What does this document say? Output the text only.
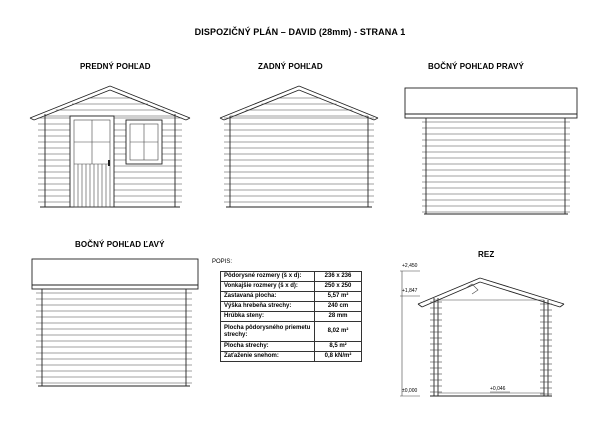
DISPOZIČNÝ PLÁN – DAVID (28mm) - STRANA 1
PREDNÝ POHĽAD	ZADNÝ POHĽAD	BOČNÝ POHĽAD PRAVÝ
BOČNÝ POHĽAD ĽAVÝ
REZ
POPIS:
Pôdorysné rozmery (š x d):	236 x 236
Vonkajšie rozmery (š x d):	250 x 250
Zastavaná plocha:	5,57 m²
Výška hrebeňa strechy:	240 cm
Hrúbka steny:	28 mm
Plocha pôdorysného priemetu strechy:	8,02 m²
Plocha strechy:	8,5 m²
Zaťaženie snehom:	0,8 kN/m²
+2,450
+1,847
+0,046
±0,000
